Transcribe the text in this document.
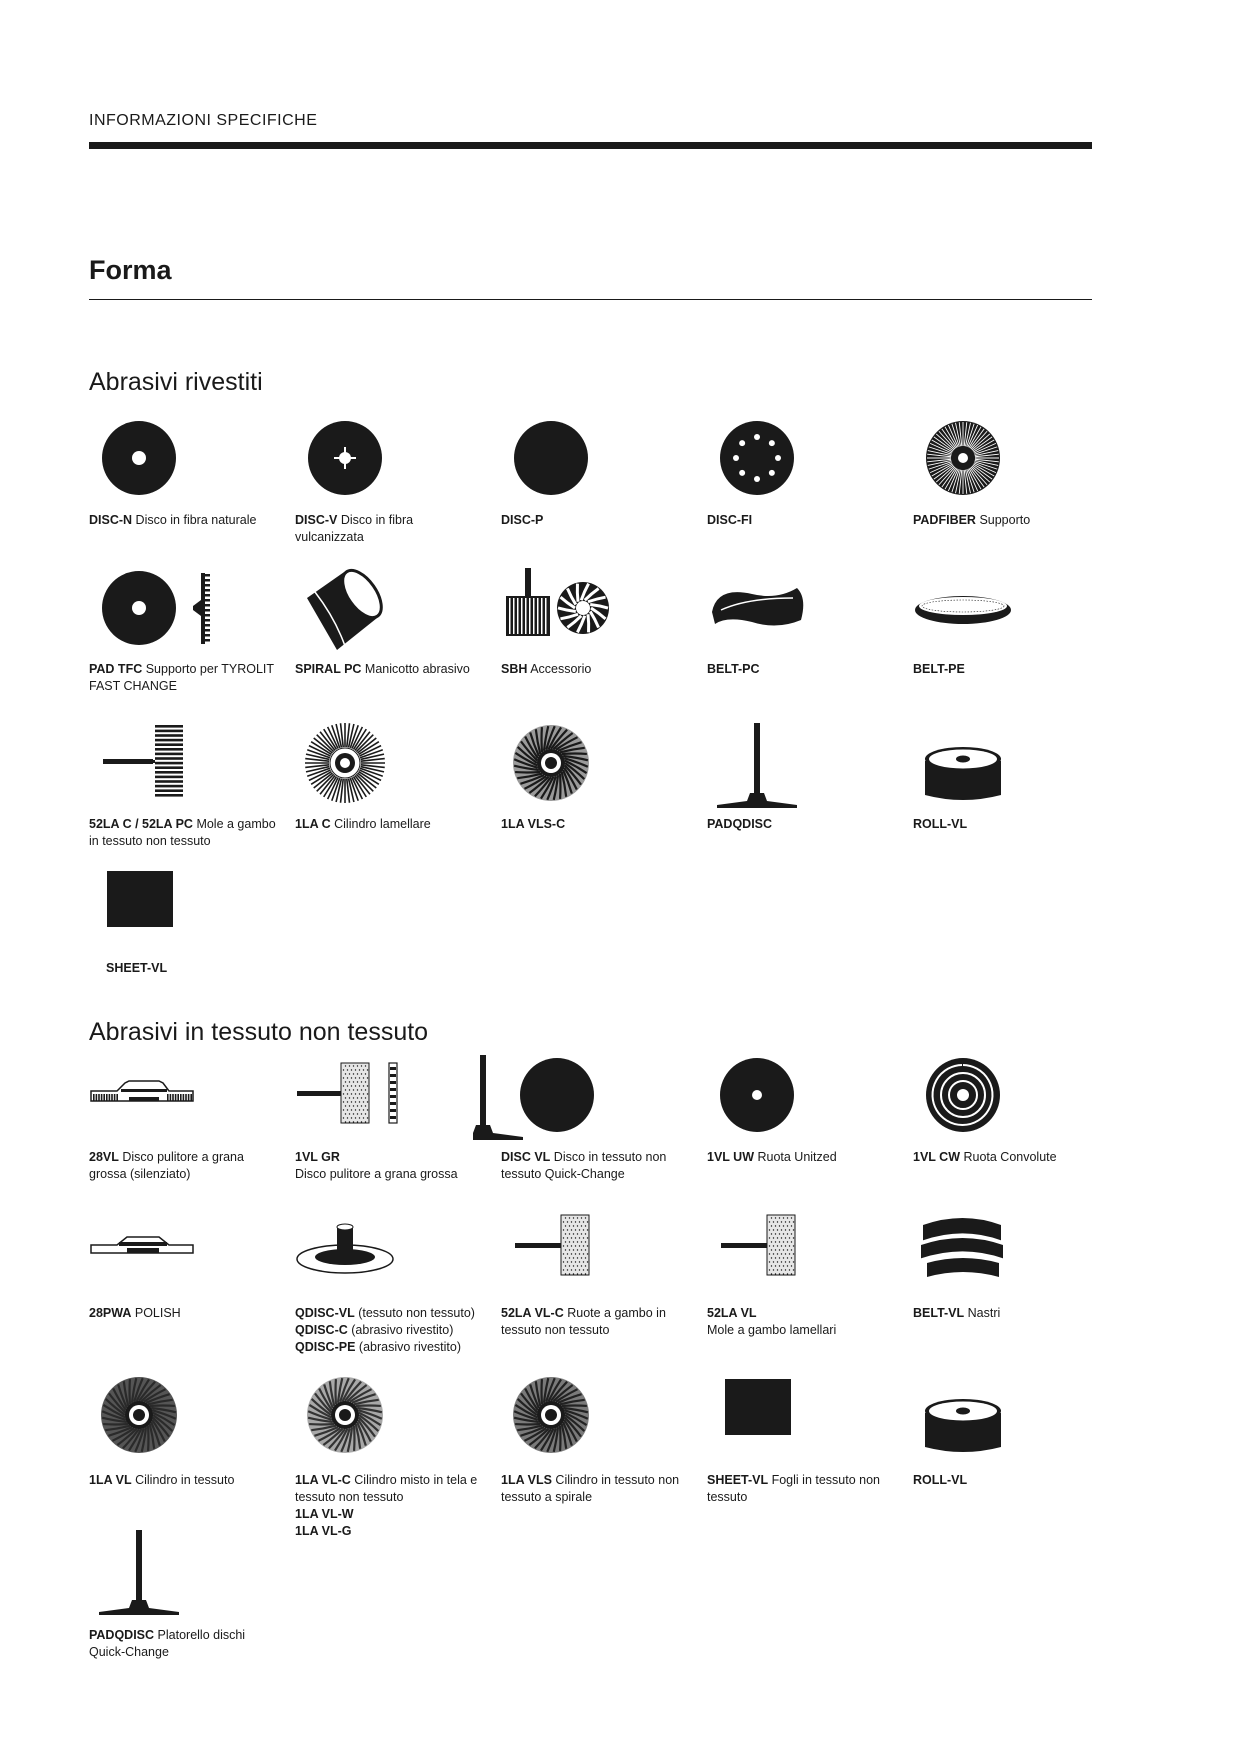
INFORMAZIONI SPECIFICHE
Forma
Abrasivi rivestiti
Abrasivi in tessuto non tessuto
DISC-N Disco in fibra naturale	DISC-V Disco in fibra vulcanizzata
DISC-P	DISC-FI	PADFIBER Supporto
PAD TFC Supporto per TYROLIT FAST CHANGE
SPIRAL PC Manicotto abrasivo	SBH Accessorio	BELT-PC	BELT-PE
52LA C / 52LA PC Mole a gambo in tessuto non tessuto
1LA C Cilindro lamellare	1LA VLS-C	PADQDISC	ROLL-VL
SHEET-VL
28VL Disco pulitore a grana grossa (silenziato)
1VL GR
Disco pulitore a grana grossa
DISC VL Disco in tessuto non tessuto Quick-Change
1VL UW Ruota Unitzed	1VL CW Ruota Convolute
28PWA POLISH	QDISC-VL (tessuto non tessuto)
QDISC-C (abrasivo rivestito)
QDISC-PE (abrasivo rivestito)
52LA VL-C Ruote a gambo in tessuto non tessuto
52LA VL
Mole a gambo lamellari
BELT-VL Nastri
1LA VL Cilindro in tessuto	1LA VL-C Cilindro misto in tela e tessuto non tessuto
1LA VL-W
1LA VL-G
1LA VLS Cilindro in tessuto non tessuto a spirale
SHEET-VL Fogli in tessuto non tessuto
ROLL-VL
PADQDISC Platorello dischi Quick-Change
